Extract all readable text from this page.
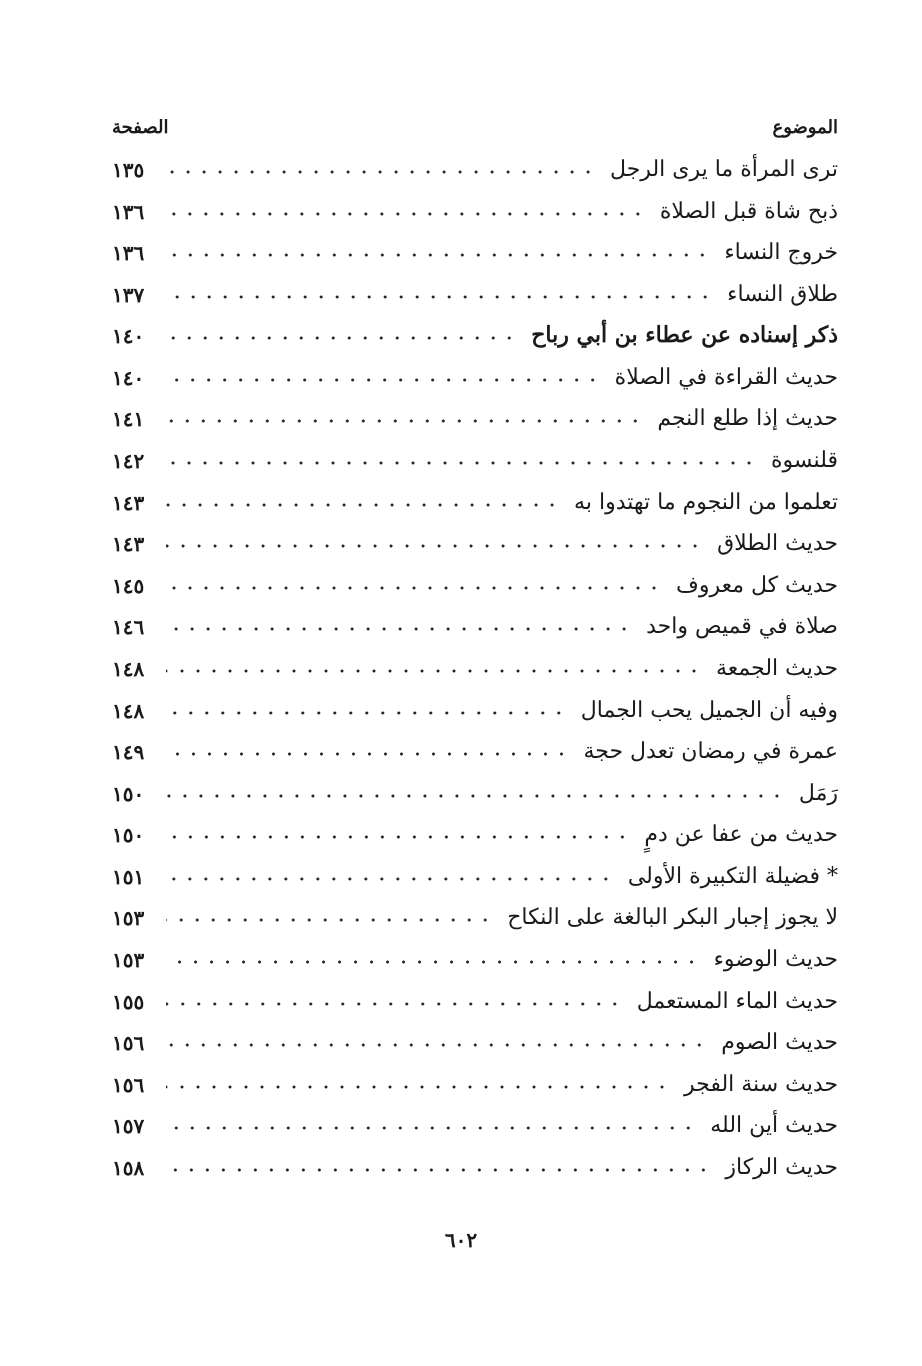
الموضوع
الصفحة
ترى المرأة ما يرى الرجل
١٣٥
ذبح شاة قبل الصلاة
١٣٦
خروج النساء
١٣٦
طلاق النساء
١٣٧
ذكر إسناده عن عطاء بن أبي رباح
١٤٠
حديث القراءة في الصلاة
١٤٠
حديث إذا طلع النجم
١٤١
قلنسوة
١٤٢
تعلموا من النجوم ما تهتدوا به
١٤٣
حديث الطلاق
١٤٣
حديث كل معروف
١٤٥
صلاة في قميص واحد
١٤٦
حديث الجمعة
١٤٨
وفيه أن الجميل يحب الجمال
١٤٨
عمرة في رمضان تعدل حجة
١٤٩
رَمَل
١٥٠
حديث من عفا عن دمٍ
١٥٠
* فضيلة التكبيرة الأولى
١٥١
لا يجوز إجبار البكر البالغة على النكاح
١٥٣
حديث الوضوء
١٥٣
حديث الماء المستعمل
١٥٥
حديث الصوم
١٥٦
حديث سنة الفجر
١٥٦
حديث أين الله
١٥٧
حديث الركاز
١٥٨
٦٠٢
